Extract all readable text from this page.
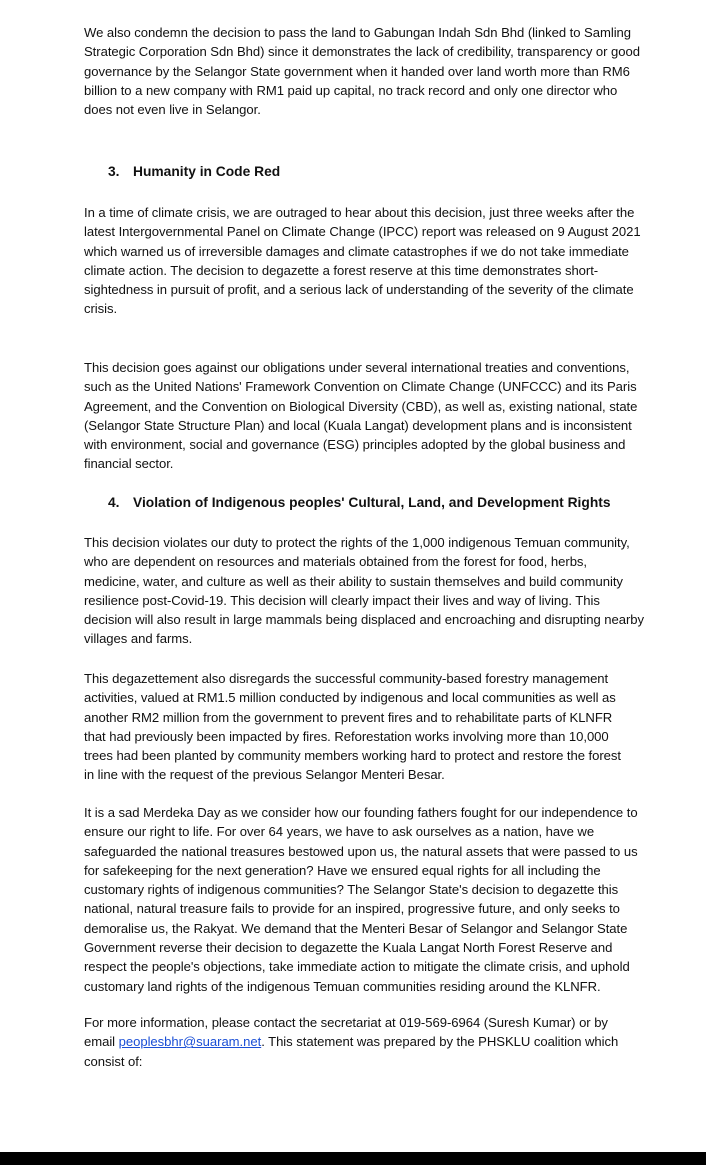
We also condemn the decision to pass the land to Gabungan Indah Sdn Bhd (linked to Samling
Strategic Corporation Sdn Bhd) since it demonstrates the lack of credibility, transparency or good
governance by the Selangor State government when it handed over land worth more than RM6
billion to a new company with RM1 paid up capital, no track record and only one director who
does not even live in Selangor.

3. Humanity in Code Red

In a time of climate crisis, we are outraged to hear about this decision, just three weeks after the
latest Intergovernmental Panel on Climate Change (IPCC) report was released on 9 August 2021
which warned us of irreversible damages and climate catastrophes if we do not take immediate
climate action. The decision to degazette a forest reserve at this time demonstrates short-
sightedness in pursuit of profit, and a serious lack of understanding of the severity of the climate
crisis.

This decision goes against our obligations under several international treaties and conventions,
such as the United Nations' Framework Convention on Climate Change (UNFCCC) and its Paris
Agreement, and the Convention on Biological Diversity (CBD), as well as, existing national, state
(Selangor State Structure Plan) and local (Kuala Langat) development plans and is inconsistent
with environment, social and governance (ESG) principles adopted by the global business and
financial sector.

4. Violation of Indigenous peoples' Cultural, Land, and Development Rights

This decision violates our duty to protect the rights of the 1,000 indigenous Temuan community,
who are dependent on resources and materials obtained from the forest for food, herbs,
medicine, water, and culture as well as their ability to sustain themselves and build community
resilience post-Covid-19. This decision will clearly impact their lives and way of living. This
decision will also result in large mammals being displaced and encroaching and disrupting nearby
villages and farms.

This degazettement also disregards the successful community-based forestry management
activities, valued at RM1.5 million conducted by indigenous and local communities as well as
another RM2 million from the government to prevent fires and to rehabilitate parts of KLNFR
that had previously been impacted by fires. Reforestation works involving more than 10,000
trees had been planted by community members working hard to protect and restore the forest
in line with the request of the previous Selangor Menteri Besar.

It is a sad Merdeka Day as we consider how our founding fathers fought for our independence to
ensure our right to life. For over 64 years, we have to ask ourselves as a nation, have we
safeguarded the national treasures bestowed upon us, the natural assets that were passed to us
for safekeeping for the next generation? Have we ensured equal rights for all including the
customary rights of indigenous communities? The Selangor State's decision to degazette this
national, natural treasure fails to provide for an inspired, progressive future, and only seeks to
demoralise us, the Rakyat. We demand that the Menteri Besar of Selangor and Selangor State
Government reverse their decision to degazette the Kuala Langat North Forest Reserve and
respect the people's objections, take immediate action to mitigate the climate crisis, and uphold
customary land rights of the indigenous Temuan communities residing around the KLNFR.

For more information, please contact the secretariat at 019-569-6964 (Suresh Kumar) or by
email peoplesbhr@suaram.net. This statement was prepared by the PHSKLU coalition which
consist of:
